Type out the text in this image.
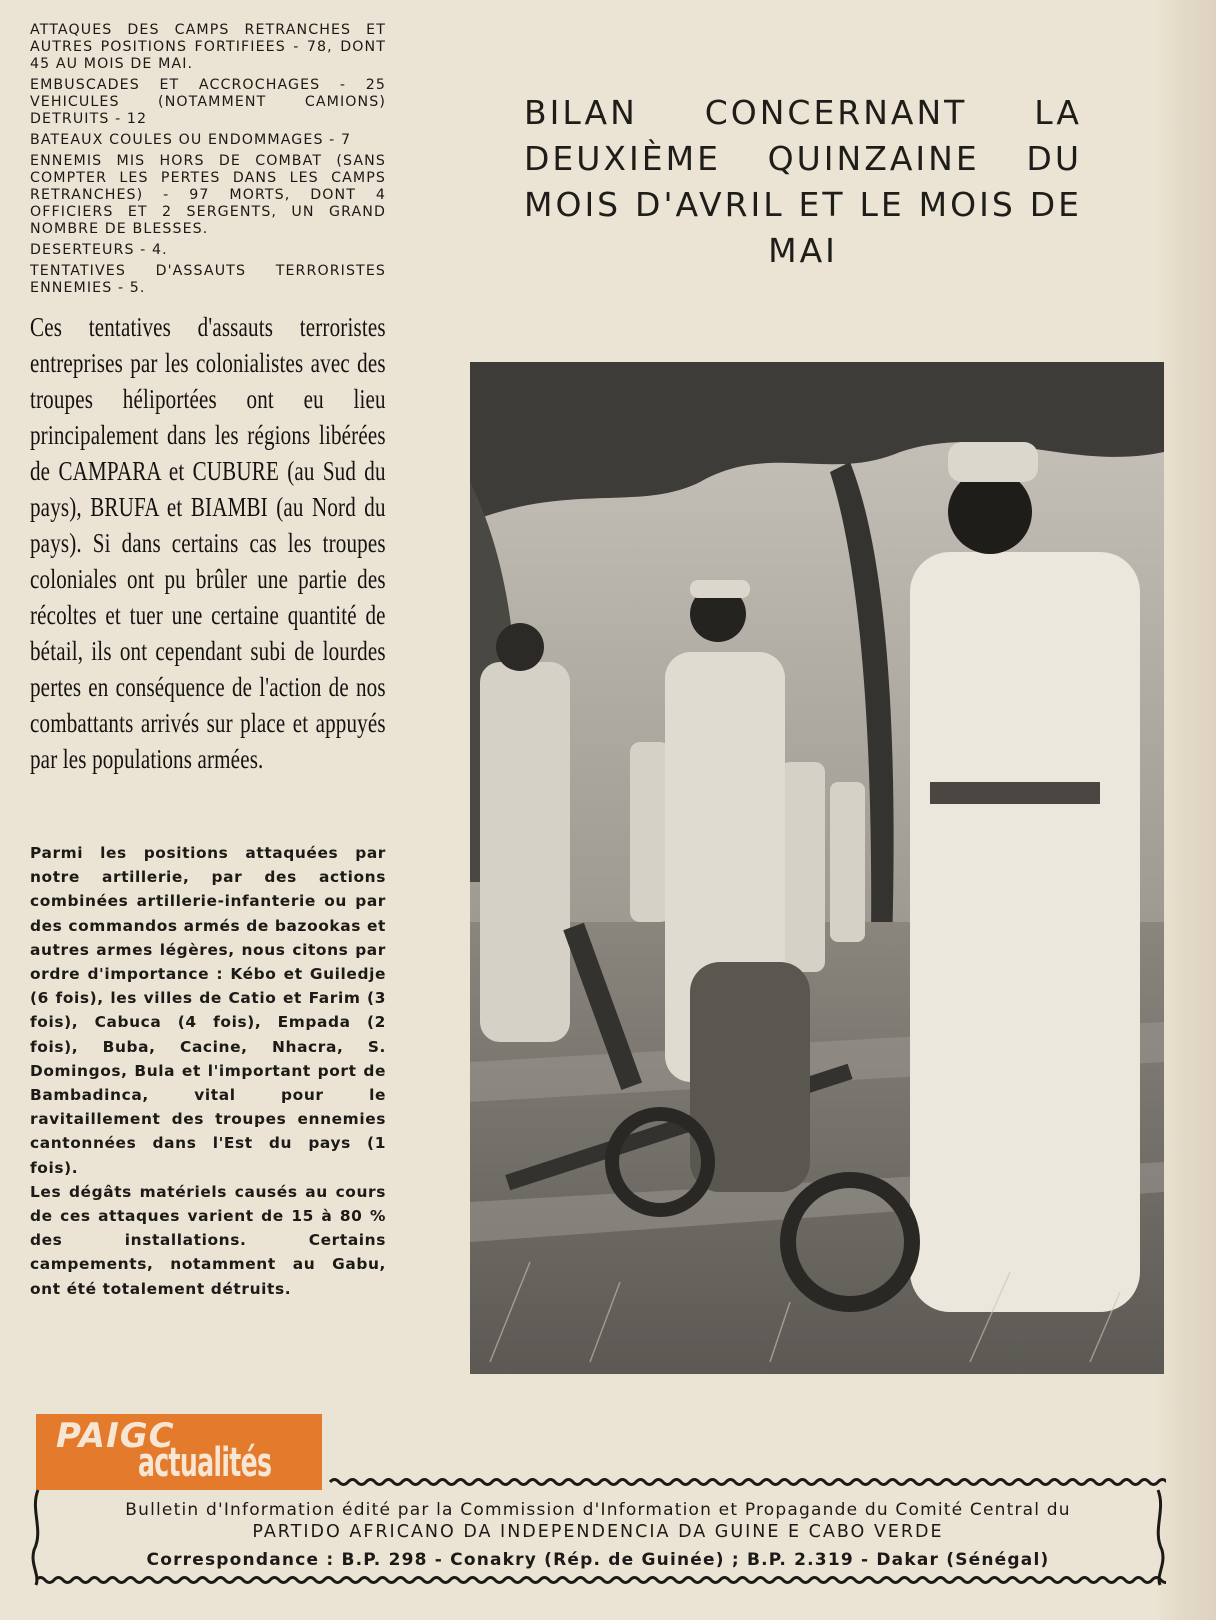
ATTAQUES DES CAMPS RETRANCHES ET AUTRES POSITIONS FORTIFIEES - 78, DONT 45 AU MOIS DE MAI.
EMBUSCADES ET ACCROCHAGES - 25 VEHICULES (NOTAMMENT CAMIONS) DETRUITS - 12
BATEAUX COULES OU ENDOMMAGES - 7
ENNEMIS MIS HORS DE COMBAT (SANS COMPTER LES PERTES DANS LES CAMPS RETRANCHES) - 97 MORTS, DONT 4 OFFICIERS ET 2 SERGENTS, UN GRAND NOMBRE DE BLESSES.
DESERTEURS - 4.
TENTATIVES D'ASSAUTS TERRORISTES ENNEMIES - 5.

Ces tentatives d'assauts terroristes entreprises par les colonialistes avec des troupes héliportées ont eu lieu principalement dans les régions libérées de CAMPARA et CUBURE (au Sud du pays), BRUFA et BIAMBI (au Nord du pays). Si dans certains cas les troupes coloniales ont pu brûler une partie des récoltes et tuer une certaine quantité de bétail, ils ont cependant subi de lourdes pertes en conséquence de l'action de nos combattants arrivés sur place et appuyés par les populations armées.

Parmi les positions attaquées par notre artillerie, par des actions combinées artillerie-infanterie ou par des commandos armés de bazookas et autres armes légères, nous citons par ordre d'importance : Kébo et Guiledje (6 fois), les villes de Catio et Farim (3 fois), Cabuca (4 fois), Empada (2 fois), Buba, Cacine, Nhacra, S. Domingos, Bula et l'important port de Bambadinca, vital pour le ravitaillement des troupes ennemies cantonnées dans l'Est du pays (1 fois).

Les dégâts matériels causés au cours de ces attaques varient de 15 à 80 % des installations. Certains campements, notamment au Gabu, ont été totalement détruits.

BILAN CONCERNANT LA DEUXIÈME QUINZAINE DU MOIS D'AVRIL ET LE MOIS DE MAI
PAIGC
actualités
Bulletin d'Information édité par la Commission d'Information et Propagande du Comité Central du
PARTIDO AFRICANO DA INDEPENDENCIA DA GUINE E CABO VERDE
Correspondance : B.P. 298 - Conakry (Rép. de Guinée) ; B.P. 2.319 - Dakar (Sénégal)
